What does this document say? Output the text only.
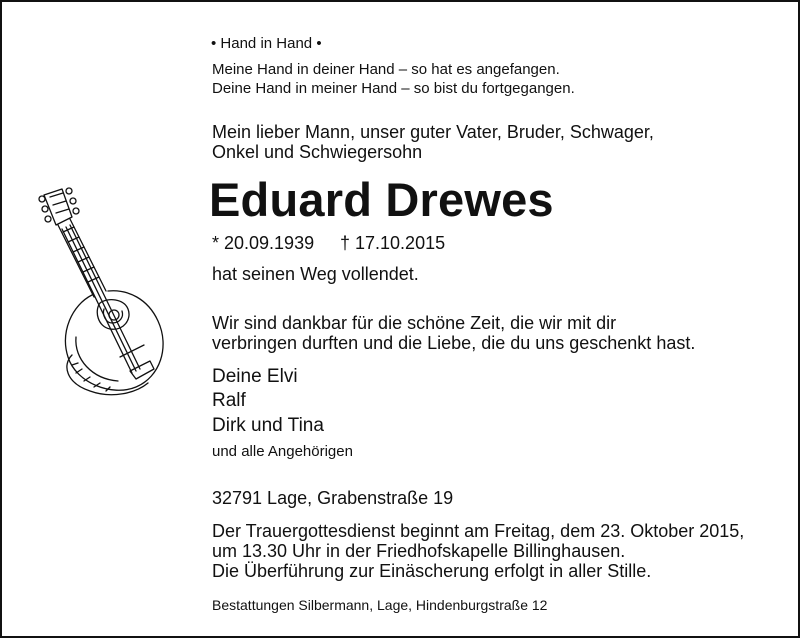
• Hand in Hand •
Meine Hand in deiner Hand – so hat es angefangen.
Deine Hand in meiner Hand – so bist du fortgegangen.
Mein lieber Mann, unser guter Vater, Bruder, Schwager,
Onkel und Schwiegersohn
Eduard Drewes
* 20.09.1939 † 17.10.2015
hat seinen Weg vollendet.
Wir sind dankbar für die schöne Zeit, die wir mit dir
verbringen durften und die Liebe, die du uns geschenkt hast.
Deine Elvi
Ralf
Dirk und Tina
und alle Angehörigen
32791 Lage, Grabenstraße 19
Der Trauergottesdienst beginnt am Freitag, dem 23. Oktober 2015,
um 13.30 Uhr in der Friedhofskapelle Billinghausen.
Die Überführung zur Einäscherung erfolgt in aller Stille.
Bestattungen Silbermann, Lage, Hindenburgstraße 12
